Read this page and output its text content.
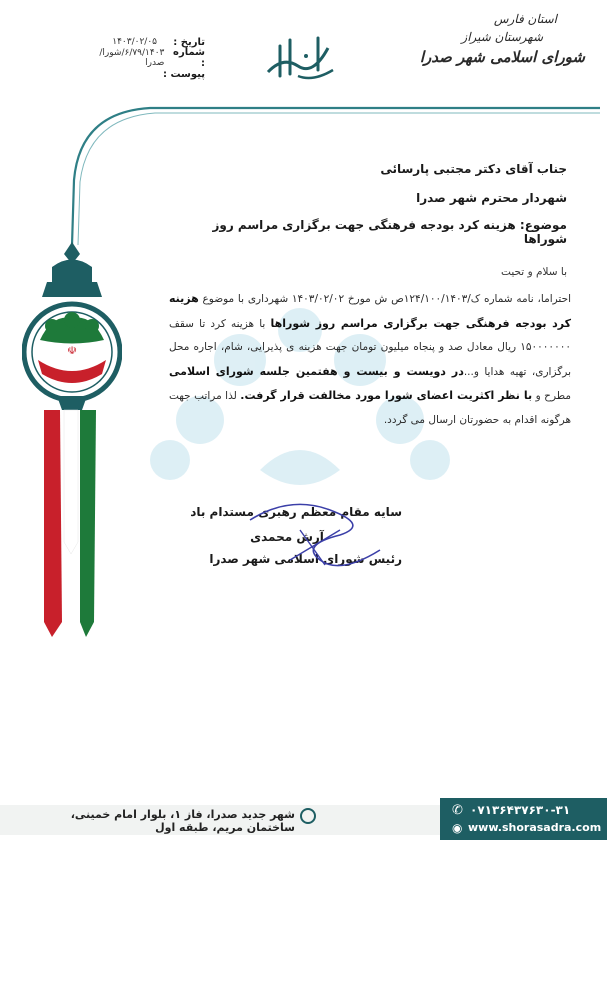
استان فارس
شهرستان شیراز
شورای اسلامی شهر صدرا
تاریخ :
۱۴۰۳/۰۲/۰۵
شماره :
۶/۷۹/۱۴۰۳/شورا/صدرا
پیوست :
☫
جناب آقای دکتر مجتبی پارسائی
شهردار محترم شهر صدرا
موضوع: هزینه کرد بودجه فرهنگی جهت برگزاری مراسم روز شوراها
با سلام و تحیت
احتراما، نامه شماره ک/۱۲۴/۱۰۰/۱۴۰۳ص ش مورخ ۱۴۰۳/۰۲/۰۲ شهرداری با موضوع هزینه کرد بودجه فرهنگی جهت برگزاری مراسم روز شوراها با هزینه کرد تا سقف ۱۵۰۰۰۰۰۰۰ ریال معادل صد و پنجاه میلیون تومان جهت هزینه ی پذیرایی، شام، اجاره محل برگزاری، تهیه هدایا و...در دویست و بیست و هفتمین جلسه شورای اسلامی مطرح و با نظر اکثریت اعضای شورا مورد مخالفت قرار گرفت. لذا مراتب جهت هرگونه اقدام به حضورتان ارسال می گردد.
سایه مقام معظم رهبری مستدام باد
آرش محمدی
رئیس شورای اسلامی شهر صدرا
شهر جدید صدرا، فاز ۱، بلوار امام خمینی، ساختمان مریم، طبقه اول
✆ ۰۷۱۳۶۴۳۷۶۳۰-۳۱
◉ www.shorasadra.com
